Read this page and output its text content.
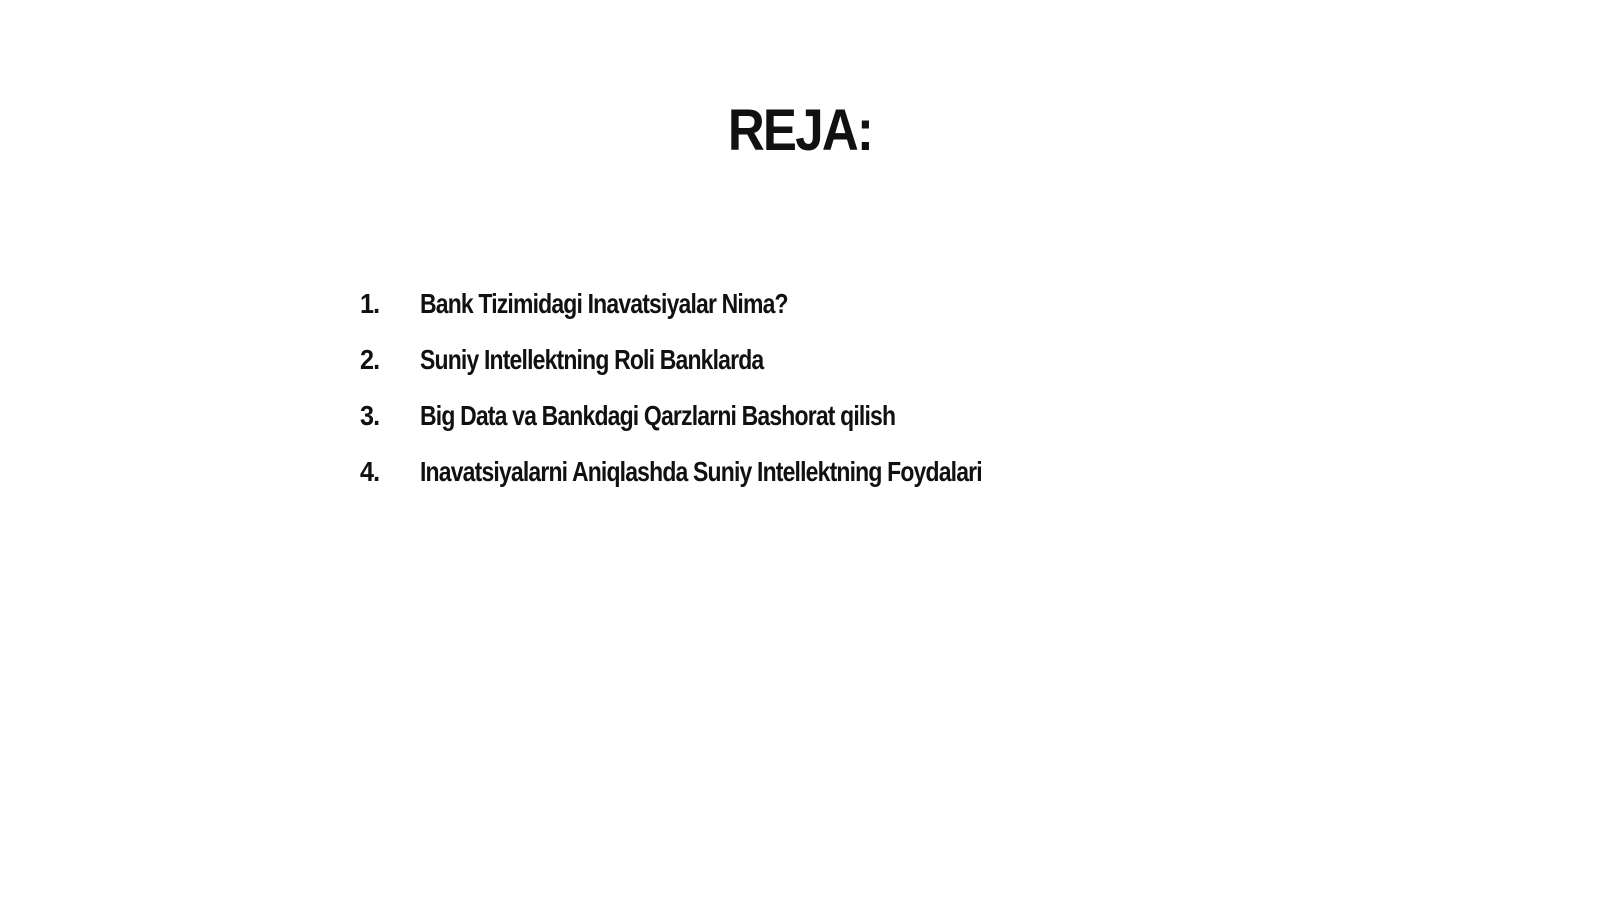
REJA:
1.	Bank Tizimidagi Inavatsiyalar Nima?
2.	Suniy Intellektning Roli Banklarda
3.	Big Data va Bankdagi Qarzlarni Bashorat qilish
4.	Inavatsiyalarni Aniqlashda Suniy Intellektning Foydalari
